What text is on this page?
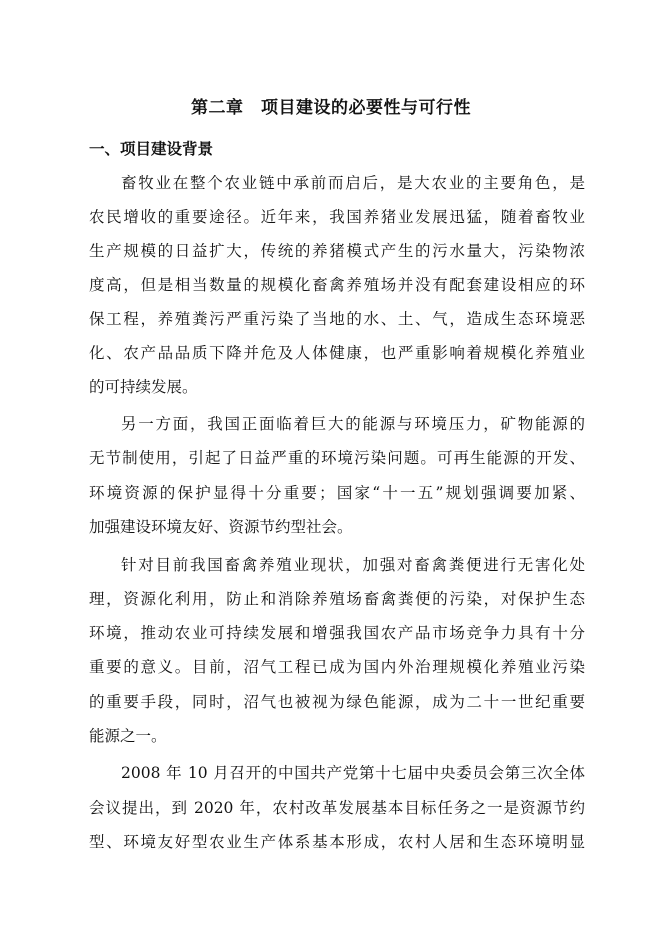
第二章　项目建设的必要性与可行性
一、项目建设背景

畜牧业在整个农业链中承前而启后，是大农业的主要角色，是

农民增收的重要途径。近年来，我国养猪业发展迅猛，随着畜牧业

生产规模的日益扩大，传统的养猪模式产生的污水量大，污染物浓

度高，但是相当数量的规模化畜禽养殖场并没有配套建设相应的环

保工程，养殖粪污严重污染了当地的水、土、气，造成生态环境恶

化、农产品品质下降并危及人体健康，也严重影响着规模化养殖业

的可持续发展。

另一方面，我国正面临着巨大的能源与环境压力，矿物能源的

无节制使用，引起了日益严重的环境污染问题。可再生能源的开发、

环境资源的保护显得十分重要；国家“十一五”规划强调要加紧、

加强建设环境友好、资源节约型社会。

针对目前我国畜禽养殖业现状，加强对畜禽粪便进行无害化处

理，资源化利用，防止和消除养殖场畜禽粪便的污染，对保护生态

环境，推动农业可持续发展和增强我国农产品市场竞争力具有十分

重要的意义。目前，沼气工程已成为国内外治理规模化养殖业污染

的重要手段，同时，沼气也被视为绿色能源，成为二十一世纪重要

能源之一。

2008 年 10 月召开的中国共产党第十七届中央委员会第三次全体

会议提出，到 2020 年，农村改革发展基本目标任务之一是资源节约

型、环境友好型农业生产体系基本形成，农村人居和生态环境明显
